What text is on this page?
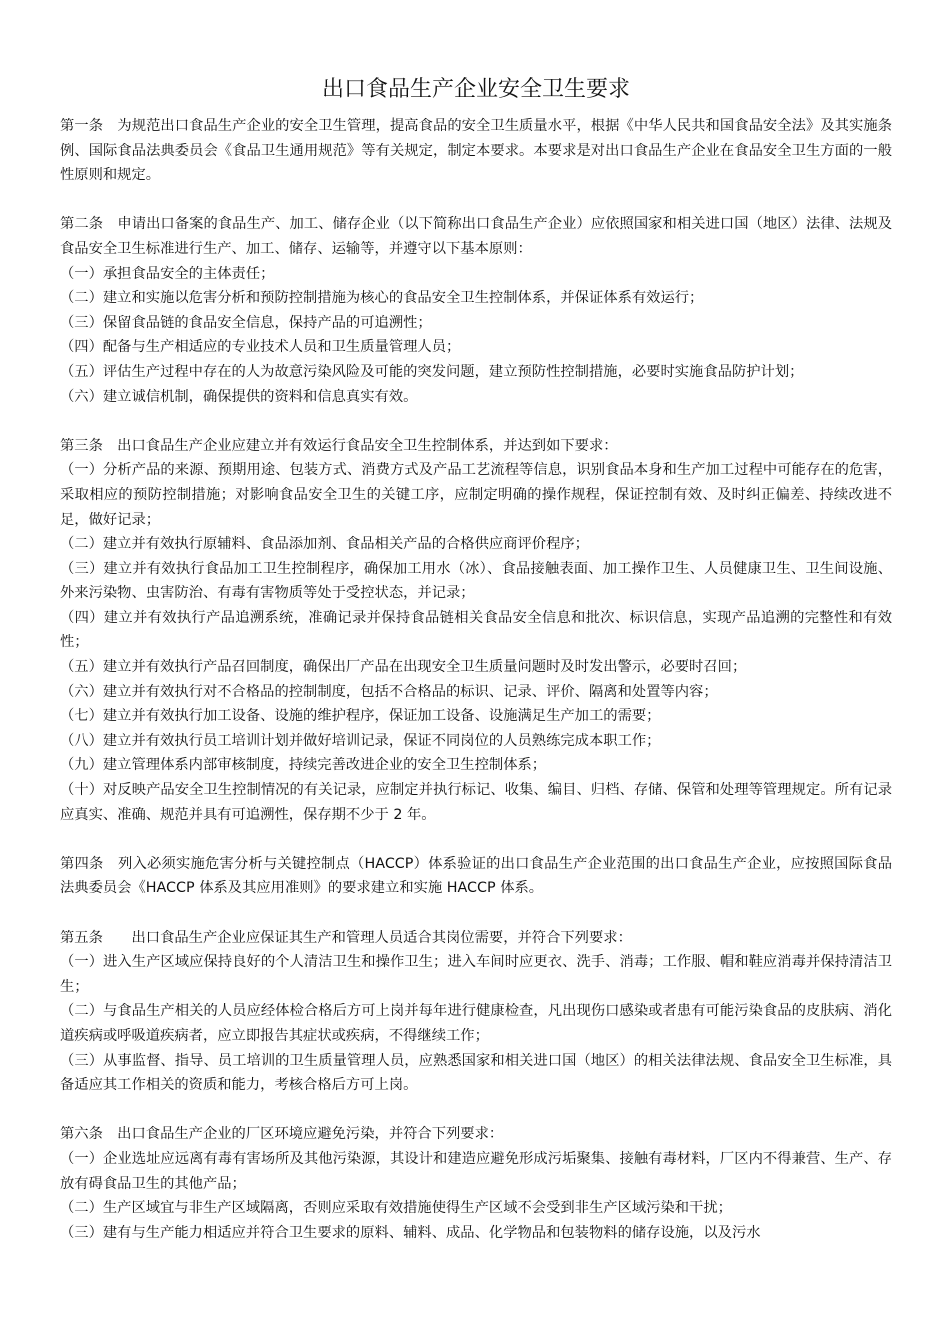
出口食品生产企业安全卫生要求

第一条　为规范出口食品生产企业的安全卫生管理，提高食品的安全卫生质量水平，根据《中华人民共和国食品安全法》及其实施条例、国际食品法典委员会《食品卫生通用规范》等有关规定，制定本要求。本要求是对出口食品生产企业在食品安全卫生方面的一般性原则和规定。

第二条　申请出口备案的食品生产、加工、储存企业（以下简称出口食品生产企业）应依照国家和相关进口国（地区）法律、法规及食品安全卫生标准进行生产、加工、储存、运输等，并遵守以下基本原则：

（一）承担食品安全的主体责任；

（二）建立和实施以危害分析和预防控制措施为核心的食品安全卫生控制体系，并保证体系有效运行；

（三）保留食品链的食品安全信息，保持产品的可追溯性；

（四）配备与生产相适应的专业技术人员和卫生质量管理人员；

（五）评估生产过程中存在的人为故意污染风险及可能的突发问题，建立预防性控制措施，必要时实施食品防护计划；

（六）建立诚信机制，确保提供的资料和信息真实有效。

第三条　出口食品生产企业应建立并有效运行食品安全卫生控制体系，并达到如下要求：

（一）分析产品的来源、预期用途、包装方式、消费方式及产品工艺流程等信息，识别食品本身和生产加工过程中可能存在的危害，采取相应的预防控制措施；对影响食品安全卫生的关键工序，应制定明确的操作规程，保证控制有效、及时纠正偏差、持续改进不足，做好记录；

（二）建立并有效执行原辅料、食品添加剂、食品相关产品的合格供应商评价程序；

（三）建立并有效执行食品加工卫生控制程序，确保加工用水（冰）、食品接触表面、加工操作卫生、人员健康卫生、卫生间设施、外来污染物、虫害防治、有毒有害物质等处于受控状态，并记录；

（四）建立并有效执行产品追溯系统，准确记录并保持食品链相关食品安全信息和批次、标识信息，实现产品追溯的完整性和有效性；

（五）建立并有效执行产品召回制度，确保出厂产品在出现安全卫生质量问题时及时发出警示，必要时召回；

（六）建立并有效执行对不合格品的控制制度，包括不合格品的标识、记录、评价、隔离和处置等内容；

（七）建立并有效执行加工设备、设施的维护程序，保证加工设备、设施满足生产加工的需要；

（八）建立并有效执行员工培训计划并做好培训记录，保证不同岗位的人员熟练完成本职工作；

（九）建立管理体系内部审核制度，持续完善改进企业的安全卫生控制体系；

（十）对反映产品安全卫生控制情况的有关记录，应制定并执行标记、收集、编目、归档、存储、保管和处理等管理规定。所有记录应真实、准确、规范并具有可追溯性，保存期不少于 2 年。

第四条　列入必须实施危害分析与关键控制点（HACCP）体系验证的出口食品生产企业范围的出口食品生产企业，应按照国际食品法典委员会《HACCP 体系及其应用准则》的要求建立和实施 HACCP 体系。

第五条　　出口食品生产企业应保证其生产和管理人员适合其岗位需要，并符合下列要求：

（一）进入生产区域应保持良好的个人清洁卫生和操作卫生；进入车间时应更衣、洗手、消毒；工作服、帽和鞋应消毒并保持清洁卫生；

（二）与食品生产相关的人员应经体检合格后方可上岗并每年进行健康检查，凡出现伤口感染或者患有可能污染食品的皮肤病、消化道疾病或呼吸道疾病者，应立即报告其症状或疾病，不得继续工作；

（三）从事监督、指导、员工培训的卫生质量管理人员，应熟悉国家和相关进口国（地区）的相关法律法规、食品安全卫生标准，具备适应其工作相关的资质和能力，考核合格后方可上岗。

第六条　出口食品生产企业的厂区环境应避免污染，并符合下列要求：

（一）企业选址应远离有毒有害场所及其他污染源，其设计和建造应避免形成污垢聚集、接触有毒材料，厂区内不得兼营、生产、存放有碍食品卫生的其他产品；

（二）生产区域宜与非生产区域隔离，否则应采取有效措施使得生产区域不会受到非生产区域污染和干扰；

（三）建有与生产能力相适应并符合卫生要求的原料、辅料、成品、化学物品和包装物料的储存设施，以及污水
